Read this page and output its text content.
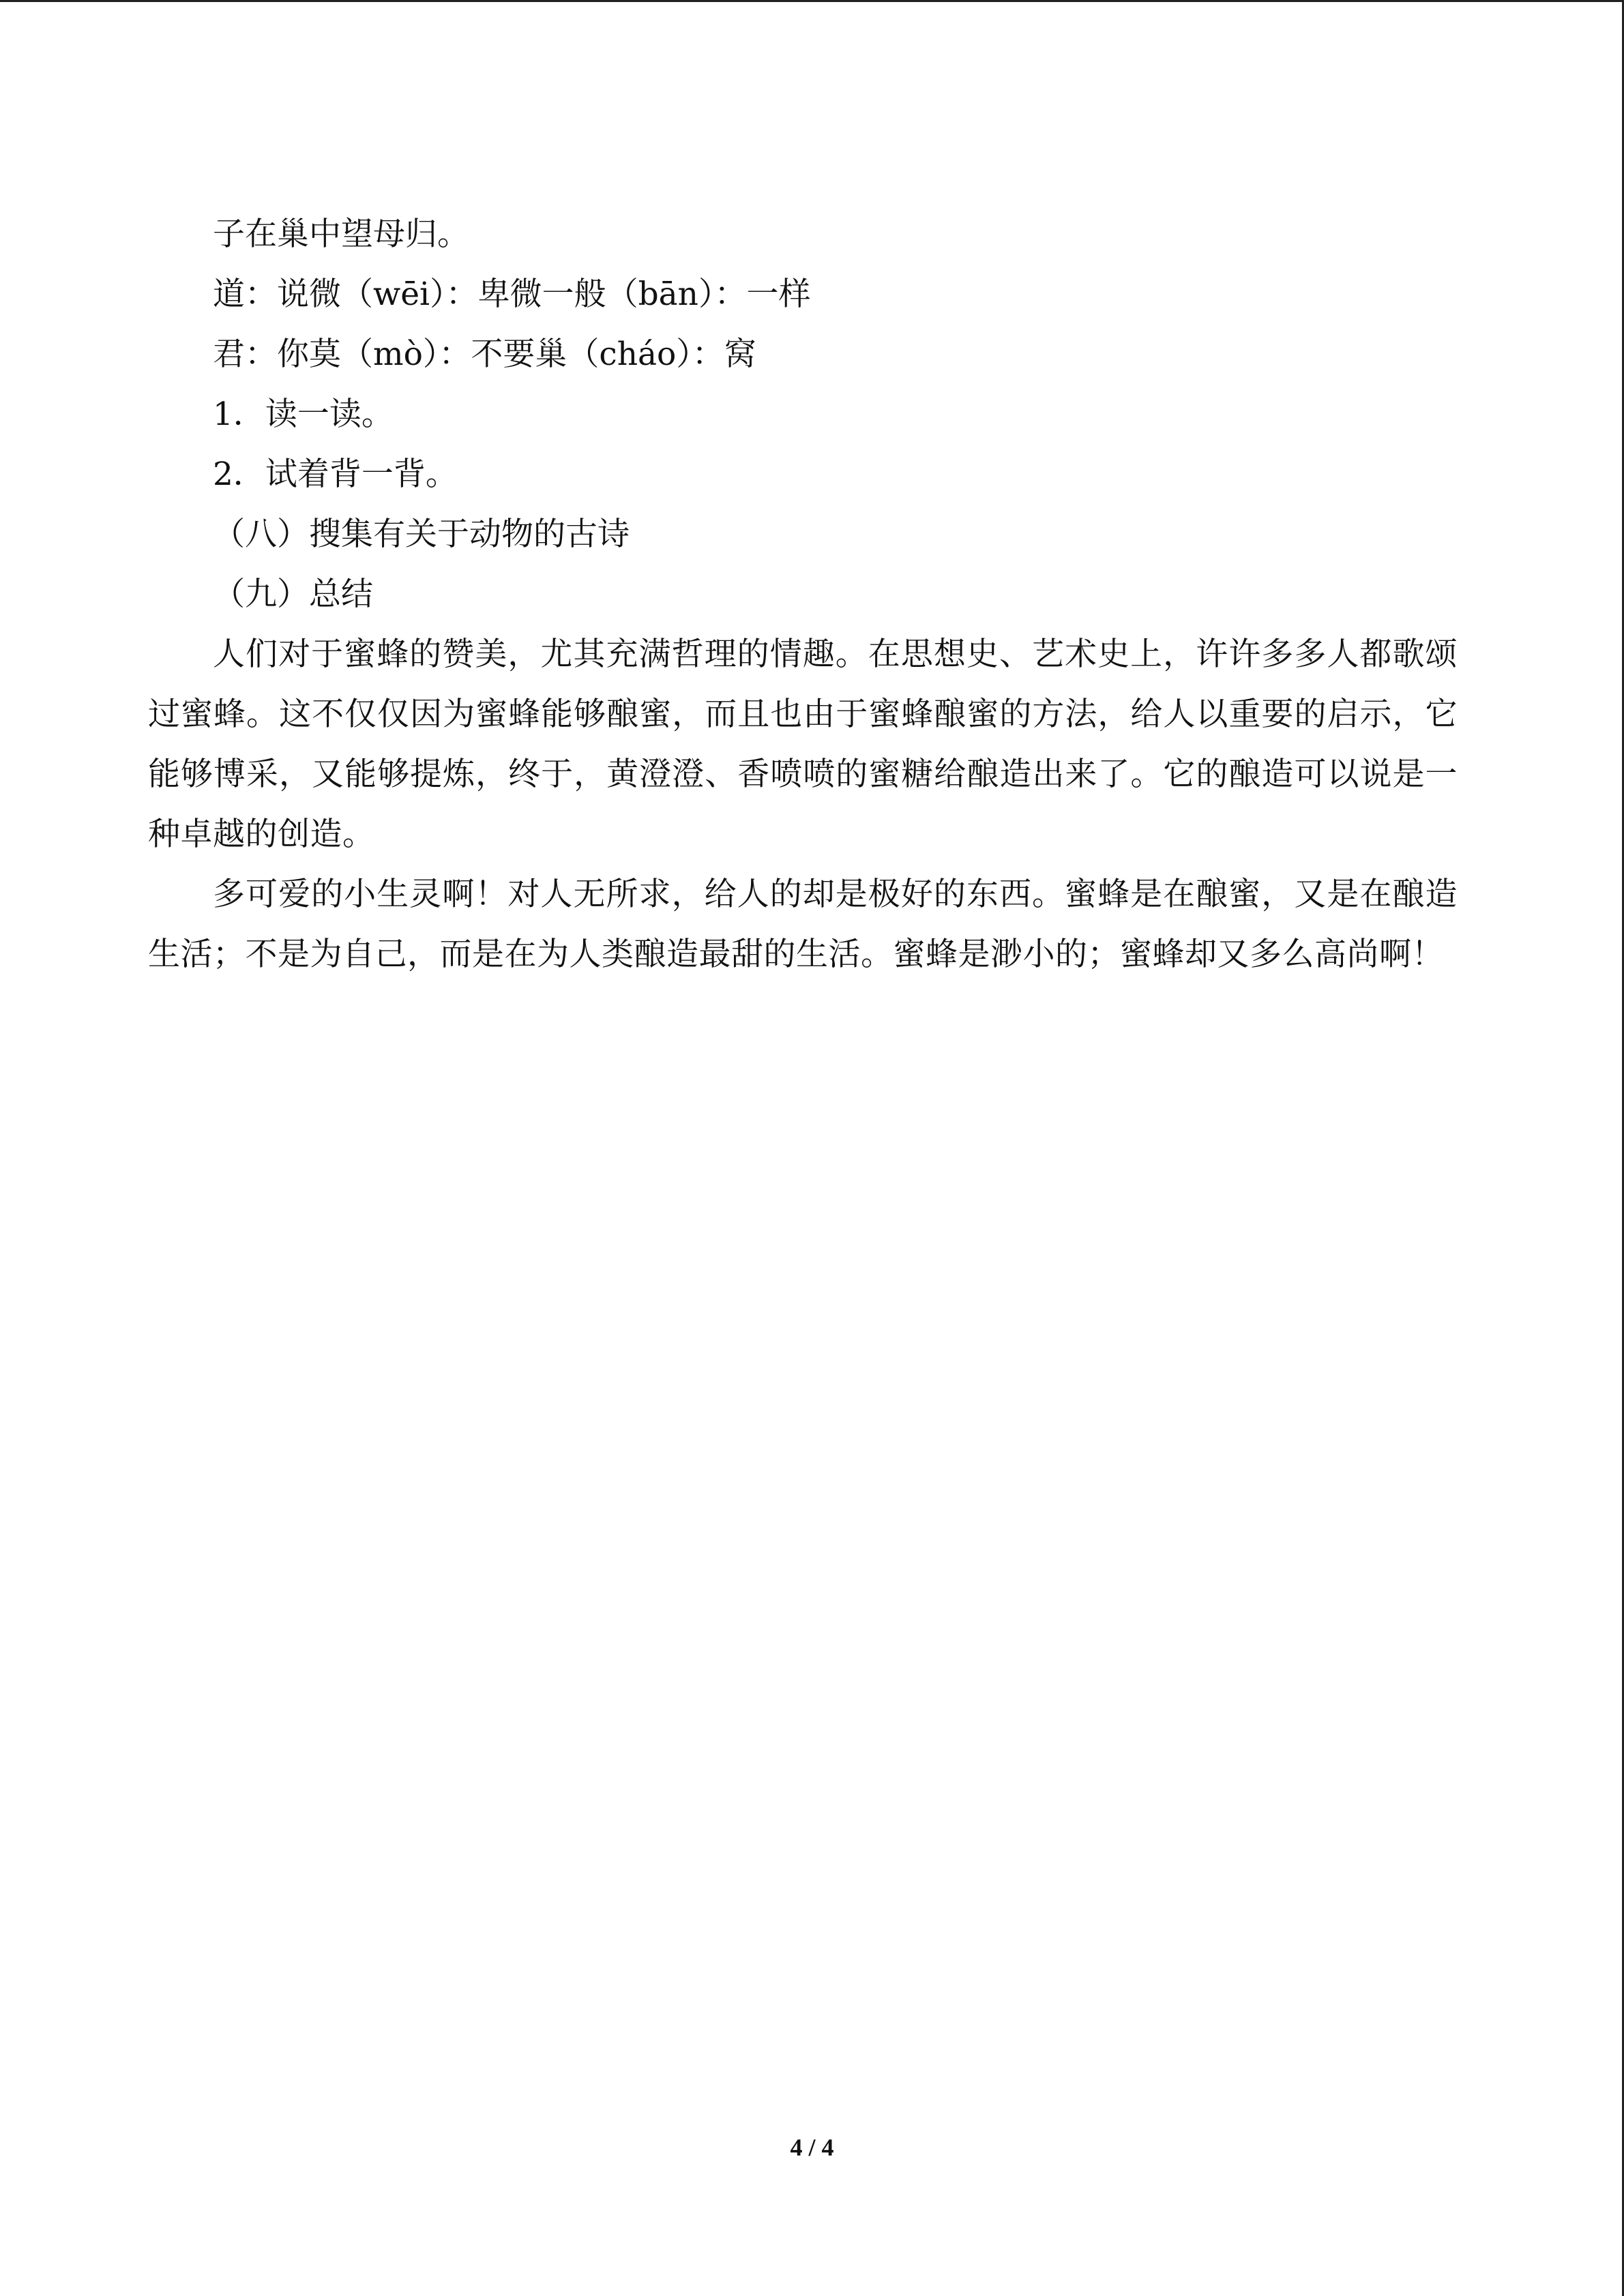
子在巢中望母归。

道：说微（wēi）：卑微一般（bān）：一样

君：你莫（mò）：不要巢（cháo）：窝

1．读一读。

2．试着背一背。

（八）搜集有关于动物的古诗

（九）总结

人们对于蜜蜂的赞美，尤其充满哲理的情趣。在思想史、艺术史上，许许多多人都歌颂过蜜蜂。这不仅仅因为蜜蜂能够酿蜜，而且也由于蜜蜂酿蜜的方法，给人以重要的启示，它能够博采，又能够提炼，终于，黄澄澄、香喷喷的蜜糖给酿造出来了。它的酿造可以说是一种卓越的创造。

多可爱的小生灵啊！对人无所求，给人的却是极好的东西。蜜蜂是在酿蜜，又是在酿造生活；不是为自己，而是在为人类酿造最甜的生活。蜜蜂是渺小的；蜜蜂却又多么高尚啊！

4 / 4
